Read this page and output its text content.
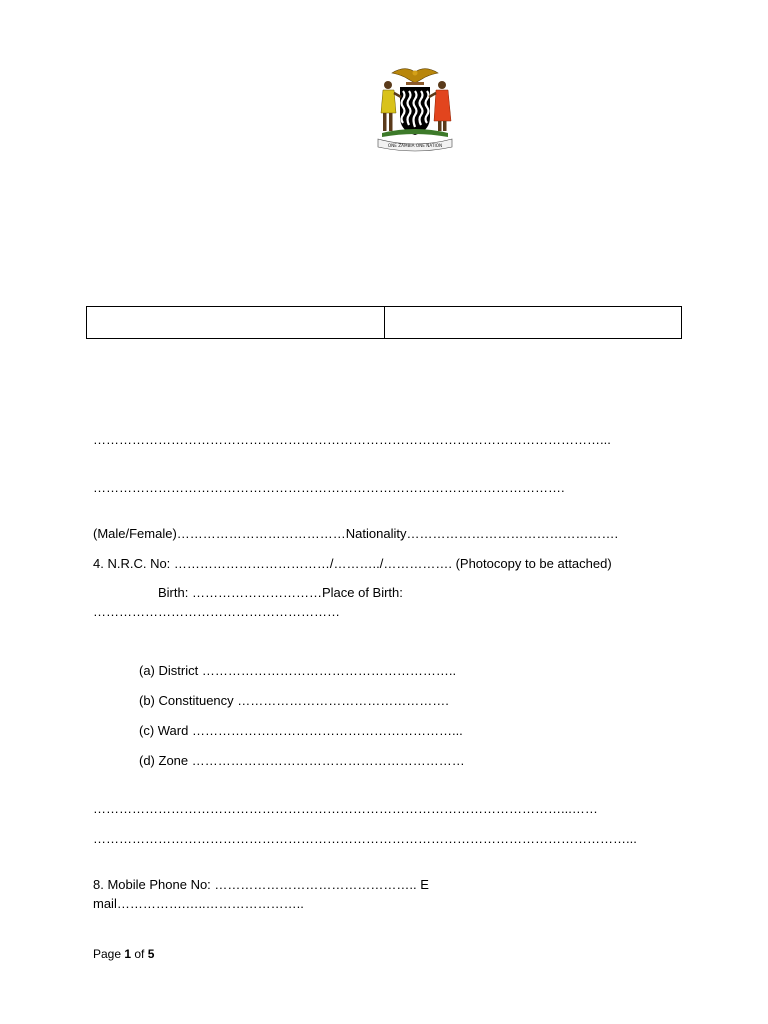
ONE ZAMBIA ONE NATION
………………………………………………………………………………………………………...
……………………………………………………………………………………………….
(Male/Female)…………………………………Nationality………………………………………….
4. N.R.C. No: ………………………………/………../……………. (Photocopy to be attached)
Birth: …………………………Place of Birth:
…………………………………………………
(a) District …………………………………………………..
(b) Constituency ………………………………………….
(c) Ward ……………………………………………………...
(d) Zone ………………………………………………………
………………………………………………………………………………………………...……
……………………………………………………………………………………………………………...
8. Mobile Phone No: ……………………………………….. E
mail…………….…..…………………..
Page 1 of 5
